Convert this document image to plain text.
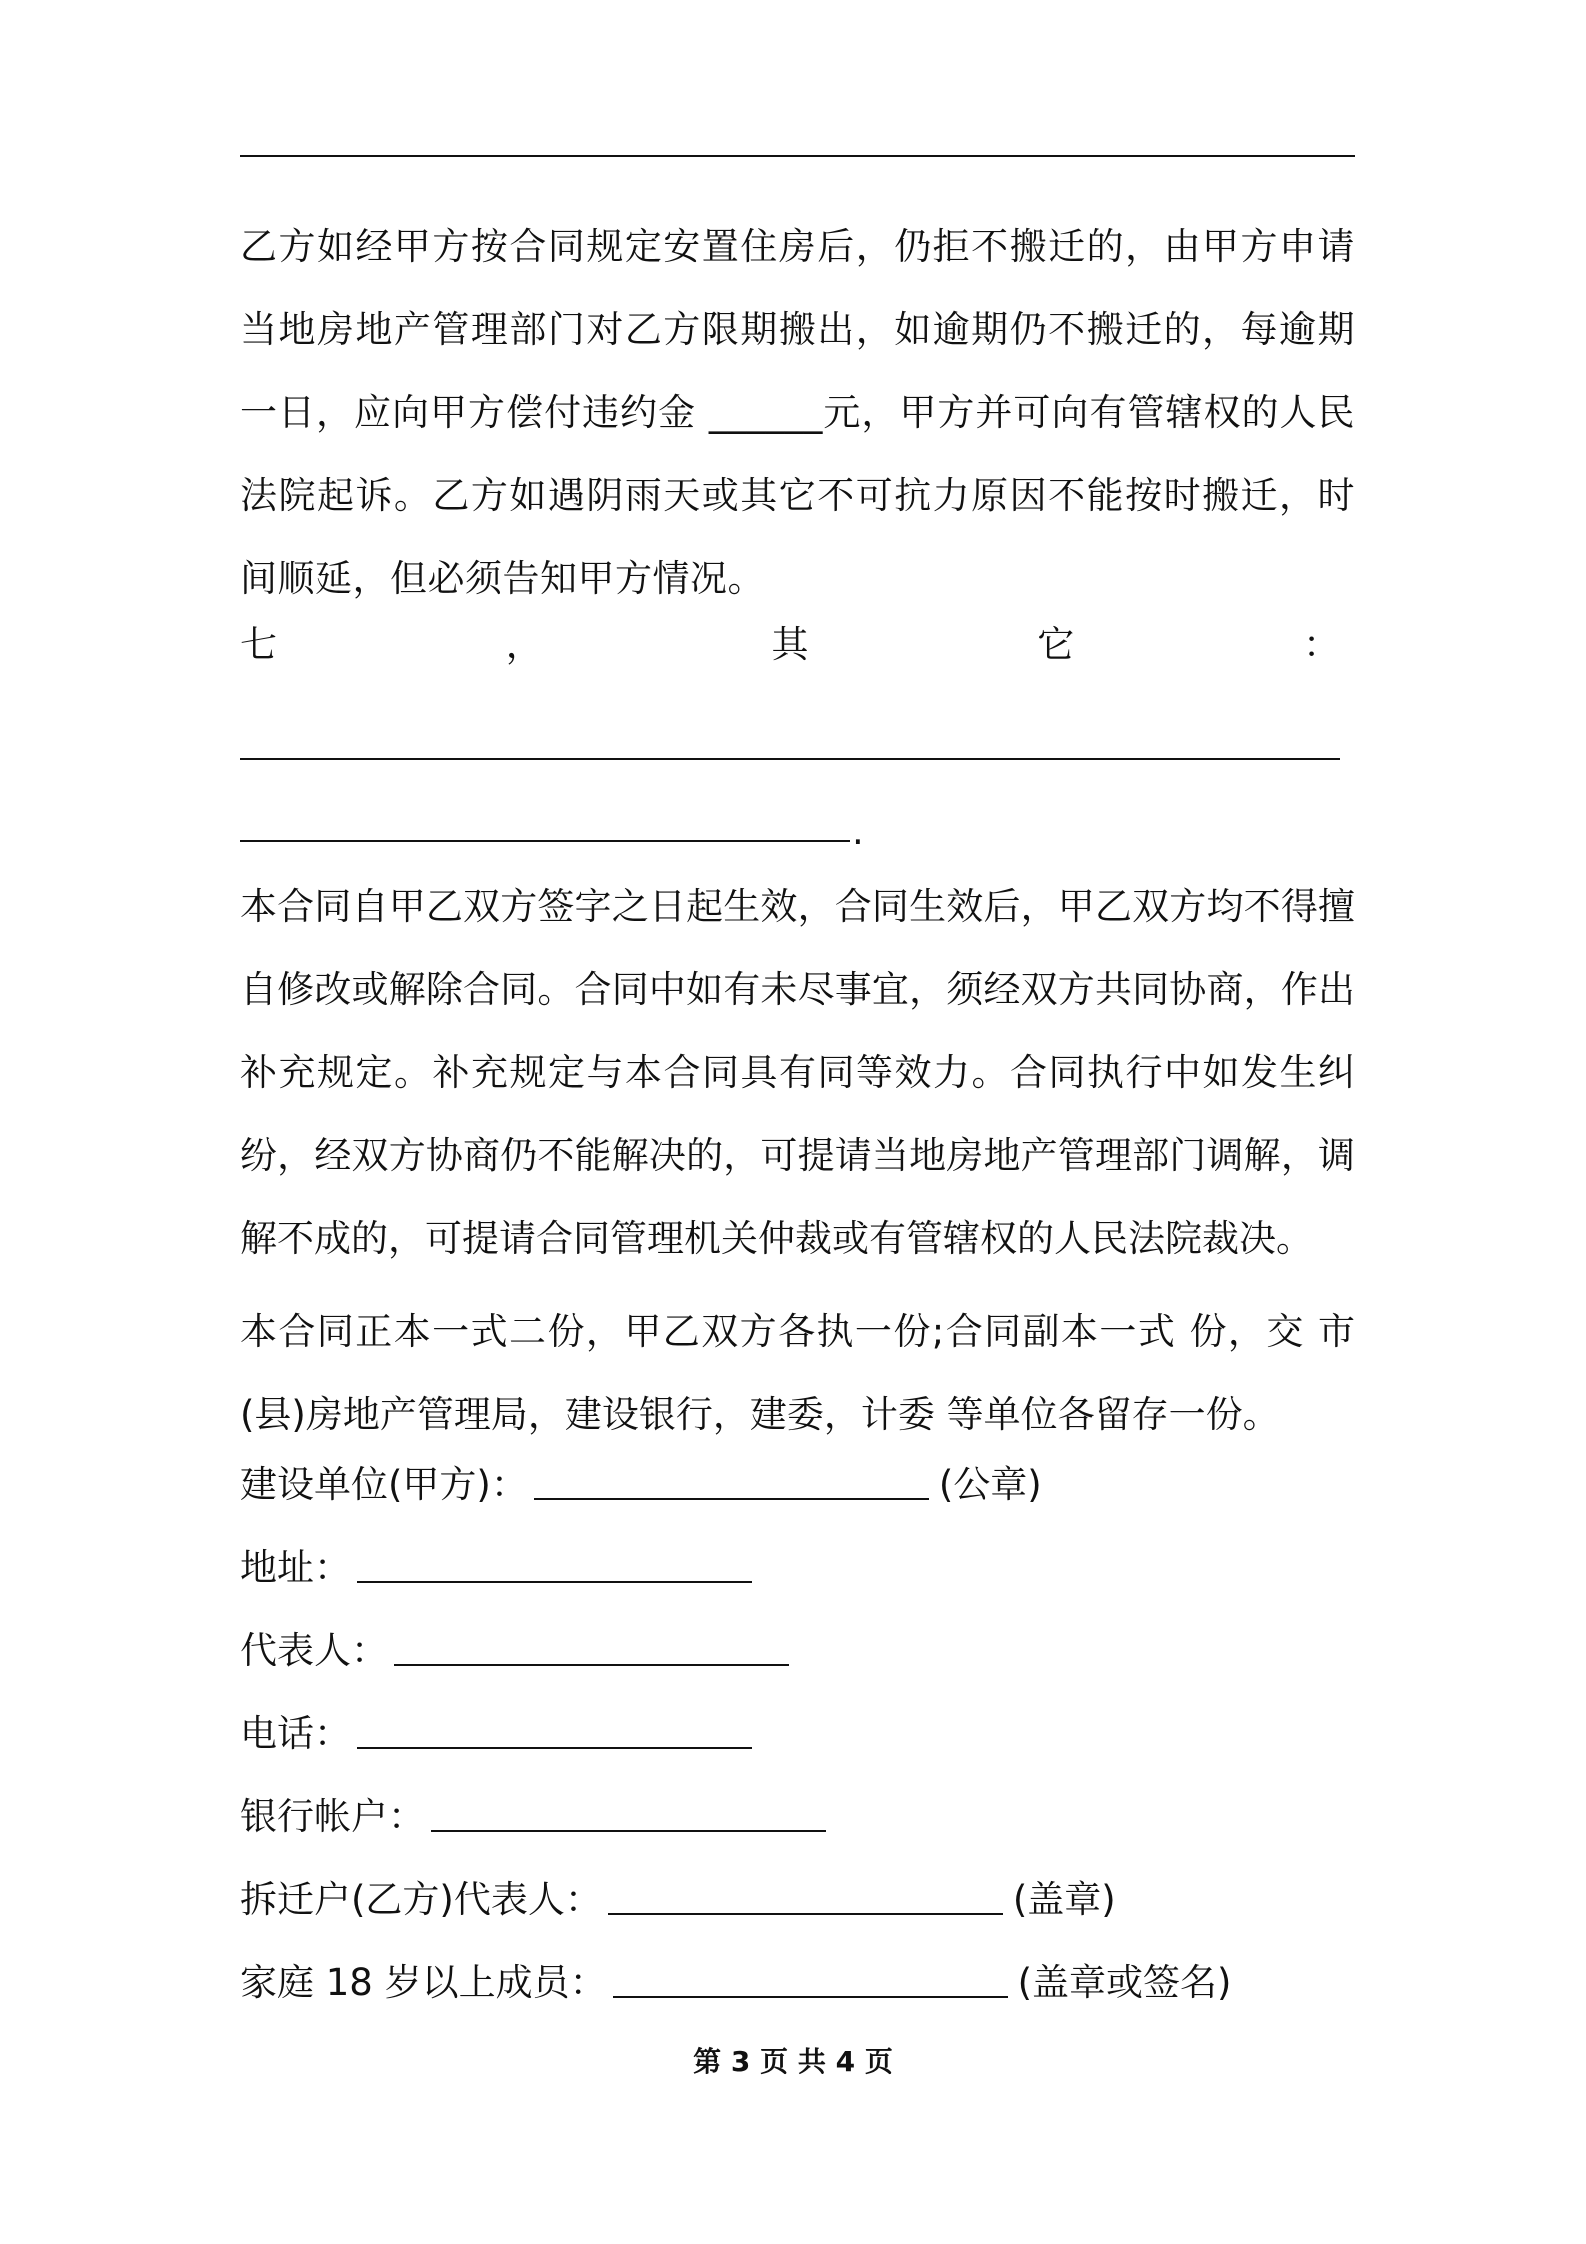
乙方如经甲方按合同规定安置住房后，仍拒不搬迁的，由甲方申请当地房地产管理部门对乙方限期搬出，如逾期仍不搬迁的，每逾期一日，应向甲方偿付违约金 ______元，甲方并可向有管辖权的人民法院起诉。乙方如遇阴雨天或其它不可抗力原因不能按时搬迁，时间顺延，但必须告知甲方情况。
七	，	其	它	：
.
本合同自甲乙双方签字之日起生效，合同生效后，甲乙双方均不得擅自修改或解除合同。合同中如有未尽事宜，须经双方共同协商，作出补充规定。补充规定与本合同具有同等效力。合同执行中如发生纠纷，经双方协商仍不能解决的，可提请当地房地产管理部门调解，调解不成的，可提请合同管理机关仲裁或有管辖权的人民法院裁决。
本合同正本一式二份，甲乙双方各执一份;合同副本一式 份，交 市(县)房地产管理局，建设银行，建委，计委 等单位各留存一份。
建设单位(甲方)：	(公章)
地址：
代表人：
电话：
银行帐户：
拆迁户(乙方)代表人：	(盖章)
家庭 18 岁以上成员：	(盖章或签名)
第 3 页 共 4 页
